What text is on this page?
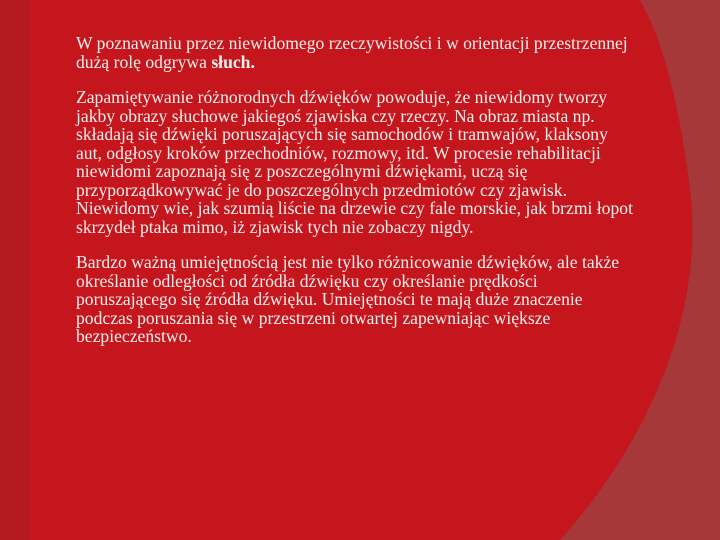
W poznawaniu przez niewidomego rzeczywistości i w orientacji przestrzennej dużą rolę odgrywa słuch.

Zapamiętywanie różnorodnych dźwięków powoduje, że niewidomy tworzy jakby obrazy słuchowe jakiegoś zjawiska czy rzeczy. Na obraz miasta np. składają się dźwięki poruszających się samochodów i tramwajów, klaksony aut, odgłosy kroków przechodniów, rozmowy, itd. W procesie rehabilitacji niewidomi zapoznają się z poszczególnymi dźwiękami, uczą się przyporządkowywać je do poszczególnych przedmiotów czy zjawisk. Niewidomy wie, jak szumią liście na drzewie czy fale morskie, jak brzmi łopot skrzydeł ptaka mimo, iż zjawisk tych nie zobaczy nigdy.

Bardzo ważną umiejętnością jest nie tylko różnicowanie dźwięków, ale także określanie odległości od źródła dźwięku czy określanie prędkości poruszającego się źródła dźwięku. Umiejętności te mają duże znaczenie podczas poruszania się w przestrzeni otwartej zapewniając większe bezpieczeństwo.
